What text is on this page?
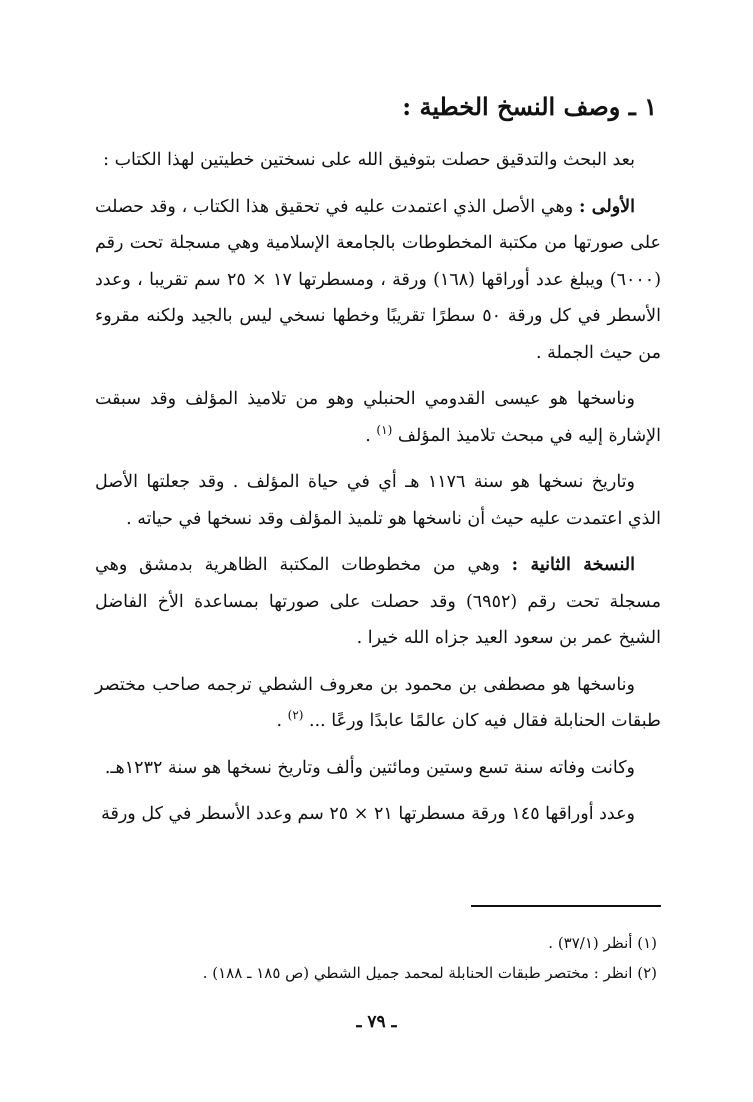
١ ـ وصف النسخ الخطية :

بعد البحث والتدقيق حصلت بتوفيق الله على نسختين خطيتين لهذا الكتاب :

الأولى : وهي الأصل الذي اعتمدت عليه في تحقيق هذا الكتاب ، وقد حصلت على صورتها من مكتبة المخطوطات بالجامعة الإسلامية وهي مسجلة تحت رقم (٦٠٠٠) ويبلغ عدد أوراقها (١٦٨) ورقة ، ومسطرتها ١٧ × ٢٥ سم تقريبا ، وعدد الأسطر في كل ورقة ٥٠ سطرًا تقريبًا وخطها نسخي ليس بالجيد ولكنه مقروء من حيث الجملة .

وناسخها هو عيسى القدومي الحنبلي وهو من تلاميذ المؤلف وقد سبقت الإشارة إليه في مبحث تلاميذ المؤلف $^{(١)}$ .

وتاريخ نسخها هو سنة ١١٧٦ هـ أي في حياة المؤلف . وقد جعلتها الأصل الذي اعتمدت عليه حيث أن ناسخها هو تلميذ المؤلف وقد نسخها في حياته .

النسخة الثانية : وهي من مخطوطات المكتبة الظاهرية بدمشق وهي مسجلة تحت رقم (٦٩٥٢) وقد حصلت على صورتها بمساعدة الأخ الفاضل الشيخ عمر بن سعود العيد جزاه الله خيرا .

وناسخها هو مصطفى بن محمود بن معروف الشطي ترجمه صاحب مختصر طبقات الحنابلة فقال فيه كان عالمًا عابدًا ورعًا ... $^{(٢)}$ .

وكانت وفاته سنة تسع وستين ومائتين وألف وتاريخ نسخها هو سنة ١٢٣٢هـ.

وعدد أوراقها ١٤٥ ورقة مسطرتها ٢١ × ٢٥ سم وعدد الأسطر في كل ورقة

(١) أنظر (٣٧/١) .
(٢) انظر : مختصر طبقات الحنابلة لمحمد جميل الشطي (ص ١٨٥ ـ ١٨٨) .
ـ ٧٩ ـ
